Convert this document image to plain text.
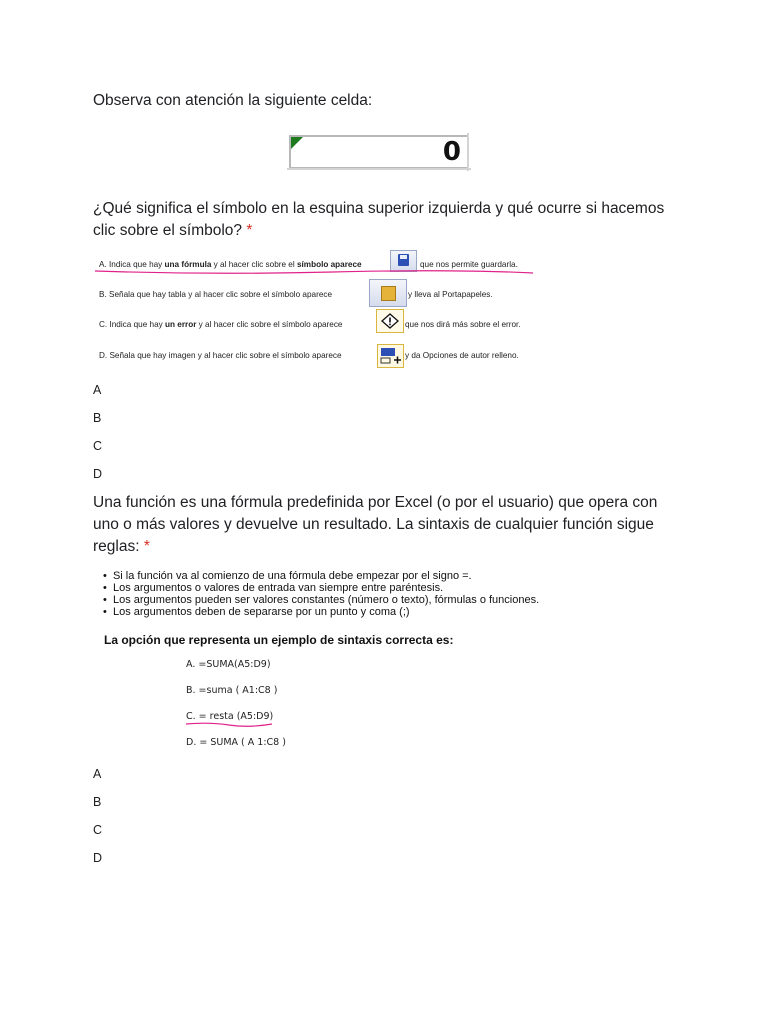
Observa con atención la siguiente celda:
0
¿Qué significa el símbolo en la esquina superior izquierda y qué ocurre si hacemos
clic sobre el símbolo? *
A. Indica que hay una fórmula y al hacer clic sobre el símbolo aparece	que nos permite guardarla.
B. Señala que hay tabla y al hacer clic sobre el símbolo aparece	y lleva al Portapapeles.
C. Indica que hay un error y al hacer clic sobre el símbolo aparece	que nos dirá más sobre el error.
D. Señala que hay imagen y al hacer clic sobre el símbolo aparece	y da Opciones de autor relleno.
A
B
C
D
Una función es una fórmula predefinida por Excel (o por el usuario) que opera con
uno o más valores y devuelve un resultado. La sintaxis de cualquier función sigue
reglas: *
•  Si la función va al comienzo de una fórmula debe empezar por el signo =.
•  Los argumentos o valores de entrada van siempre entre paréntesis.
•  Los argumentos pueden ser valores constantes (número o texto), fórmulas o funciones.
•  Los argumentos deben de separarse por un punto y coma (;)
La opción que representa un ejemplo de sintaxis correcta es:
A. =SUMA(A5:D9)
B. =suma ( A1:C8 )
C. = resta (A5:D9)
D. = SUMA ( A 1:C8 )
A
B
C
D
